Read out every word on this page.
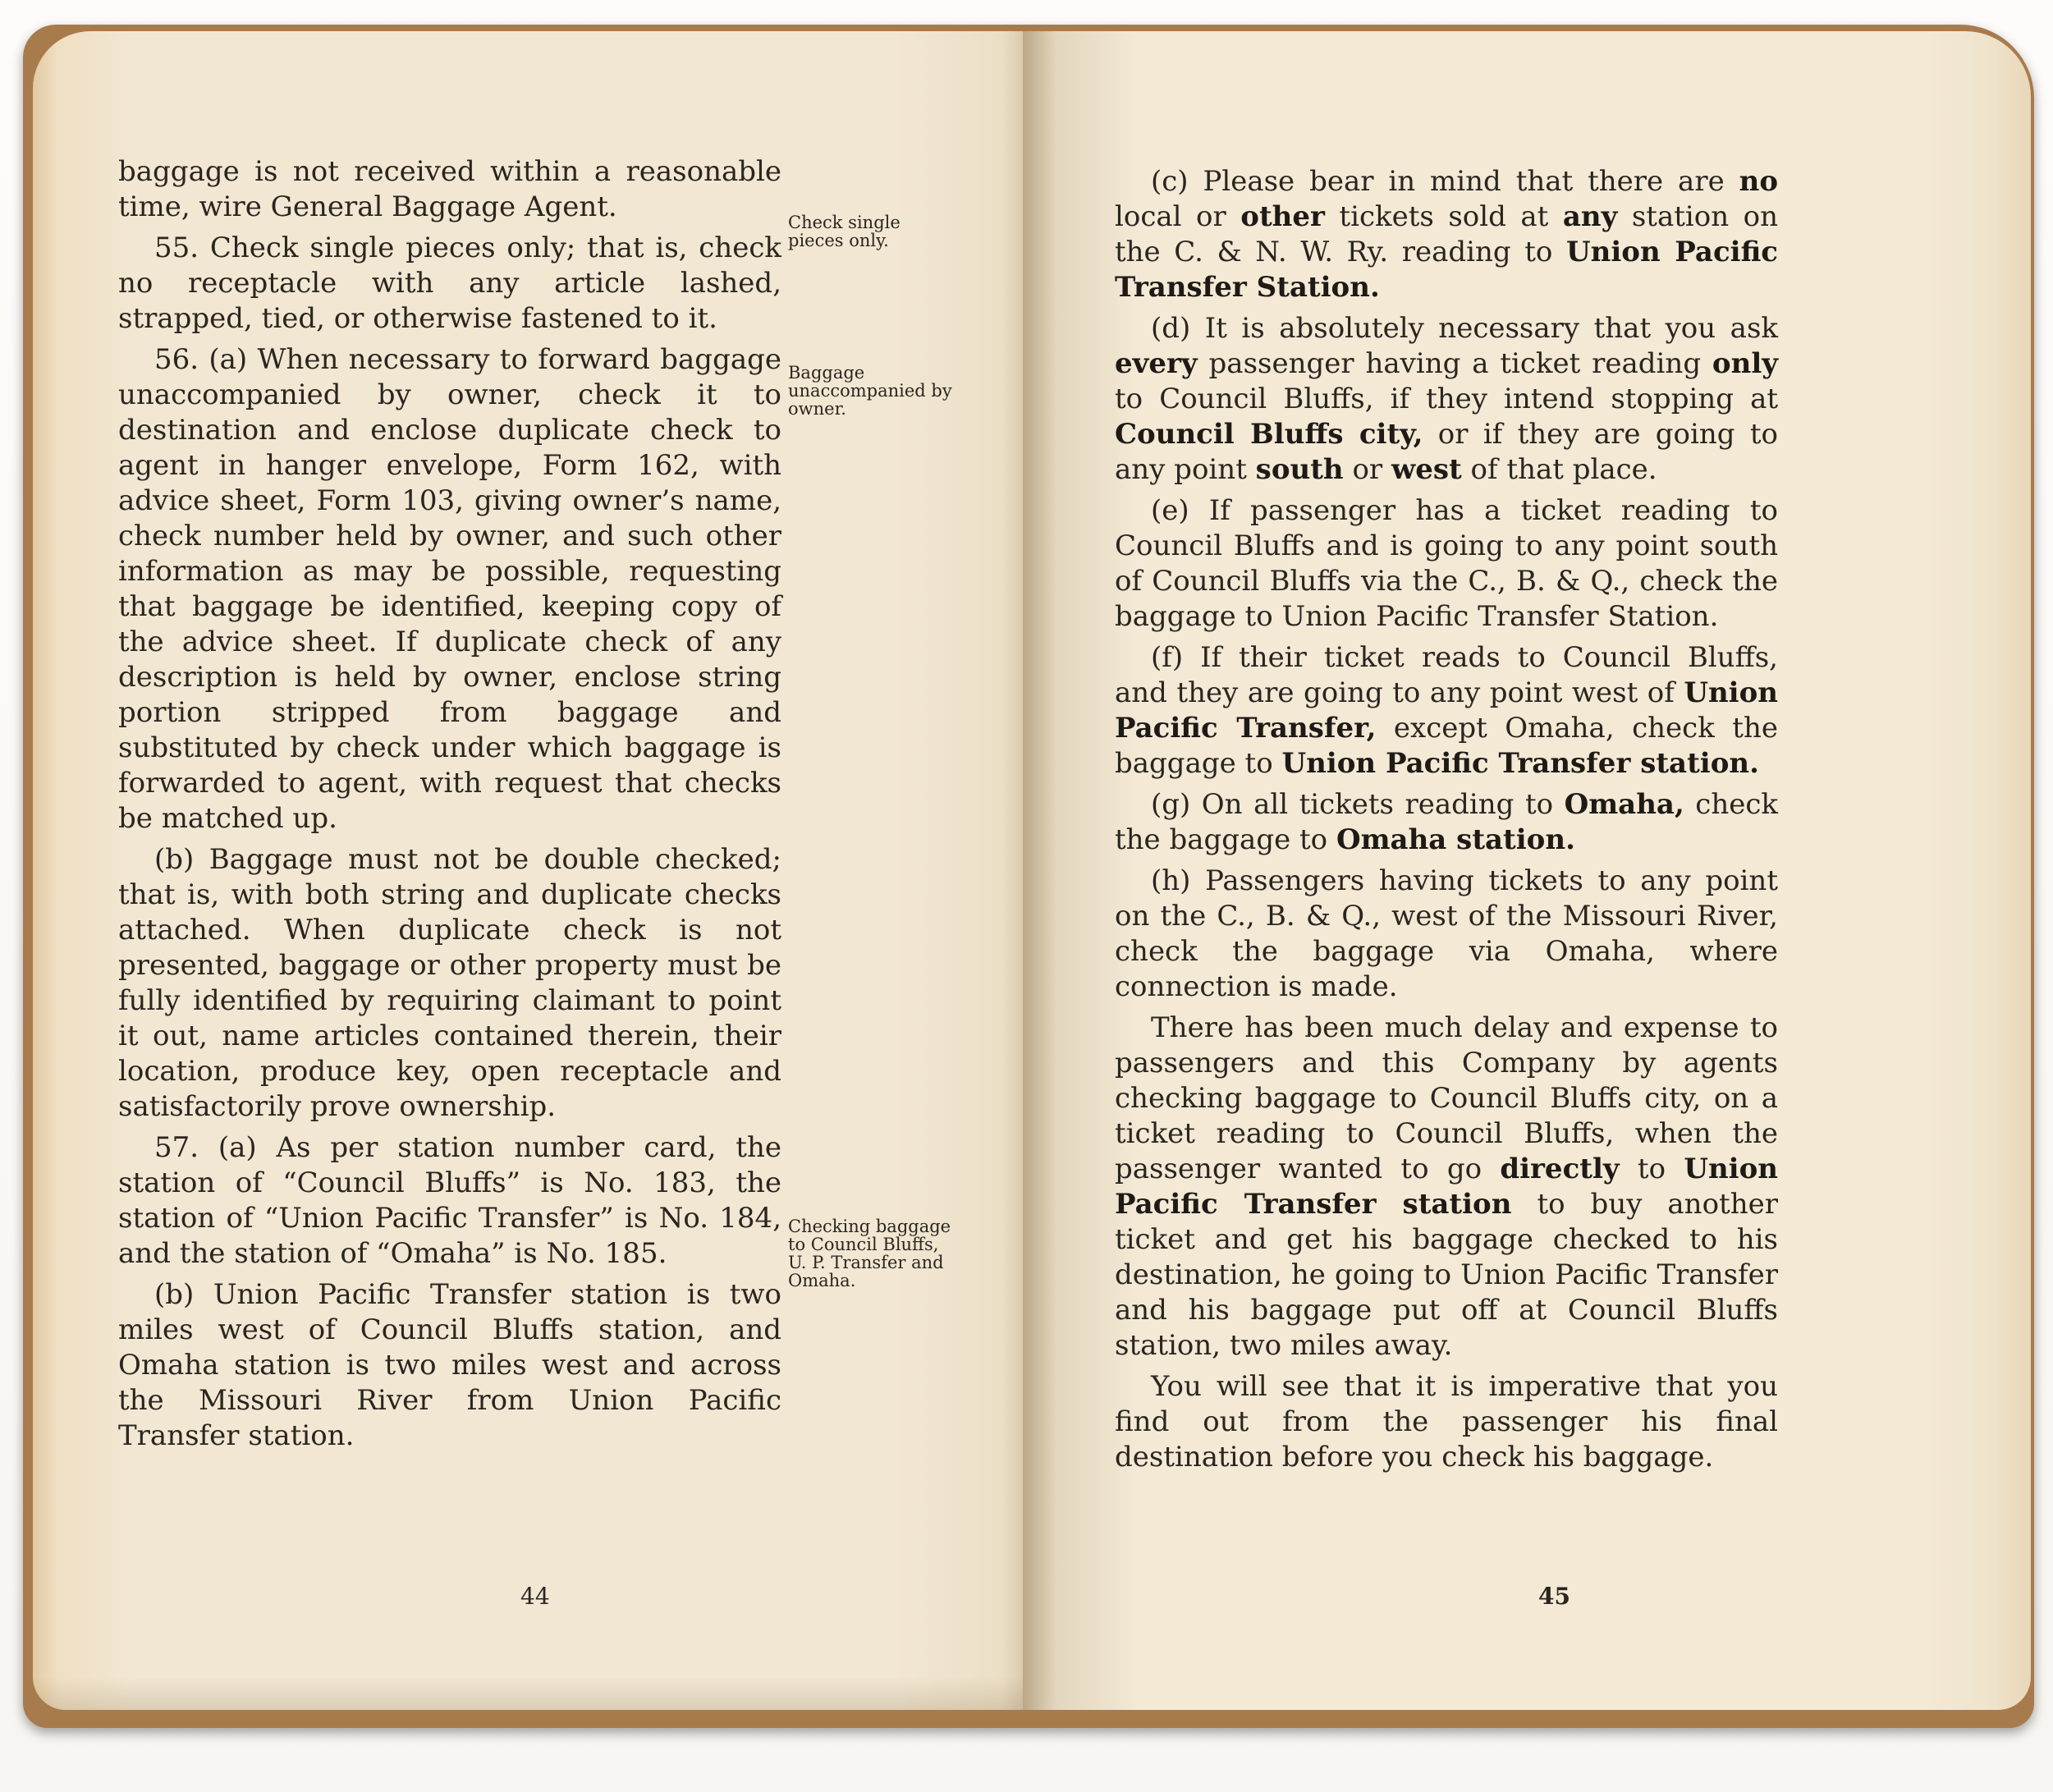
baggage is not received within a reasonable time, wire General Baggage Agent.

55. Check single pieces only; that is, check no receptacle with any article lashed, strapped, tied, or otherwise fastened to it.

56. (a) When necessary to forward baggage unaccompanied by owner, check it to destination and enclose duplicate check to agent in hanger envelope, Form 162, with advice sheet, Form 103, giving owner’s name, check number held by owner, and such other information as may be possible, requesting that baggage be identified, keeping copy of the advice sheet. If duplicate check of any description is held by owner, enclose string portion stripped from baggage and substituted by check under which baggage is forwarded to agent, with request that checks be matched up.

(b) Baggage must not be double checked; that is, with both string and duplicate checks attached. When duplicate check is not presented, baggage or other property must be fully identified by requiring claimant to point it out, name articles contained therein, their location, produce key, open receptacle and satisfactorily prove ownership.

57. (a) As per station number card, the station of “Council Bluffs” is No. 183, the station of “Union Pacific Transfer” is No. 184, and the station of “Omaha” is No. 185.

(b) Union Pacific Transfer station is two miles west of Council Bluffs station, and Omaha station is two miles west and across the Missouri River from Union Pacific Transfer station.

Check single pieces only.
Baggage unaccompanied by owner.
Checking baggage to Council Bluffs, U. P. Transfer and Omaha.
44

(c) Please bear in mind that there are no local or other tickets sold at any station on the C. & N. W. Ry. reading to Union Pacific Transfer Station.

(d) It is absolutely necessary that you ask every passenger having a ticket reading only to Council Bluffs, if they intend stopping at Council Bluffs city, or if they are going to any point south or west of that place.

(e) If passenger has a ticket reading to Council Bluffs and is going to any point south of Council Bluffs via the C., B. & Q., check the baggage to Union Pacific Transfer Station.

(f) If their ticket reads to Council Bluffs, and they are going to any point west of Union Pacific Transfer, except Omaha, check the baggage to Union Pacific Transfer station.

(g) On all tickets reading to Omaha, check the baggage to Omaha station.

(h) Passengers having tickets to any point on the C., B. & Q., west of the Missouri River, check the baggage via Omaha, where connection is made.

There has been much delay and expense to passengers and this Company by agents checking baggage to Council Bluffs city, on a ticket reading to Council Bluffs, when the passenger wanted to go directly to Union Pacific Transfer station to buy another ticket and get his baggage checked to his destination, he going to Union Pacific Transfer and his baggage put off at Council Bluffs station, two miles away.

You will see that it is imperative that you find out from the passenger his final destination before you check his baggage.

45
